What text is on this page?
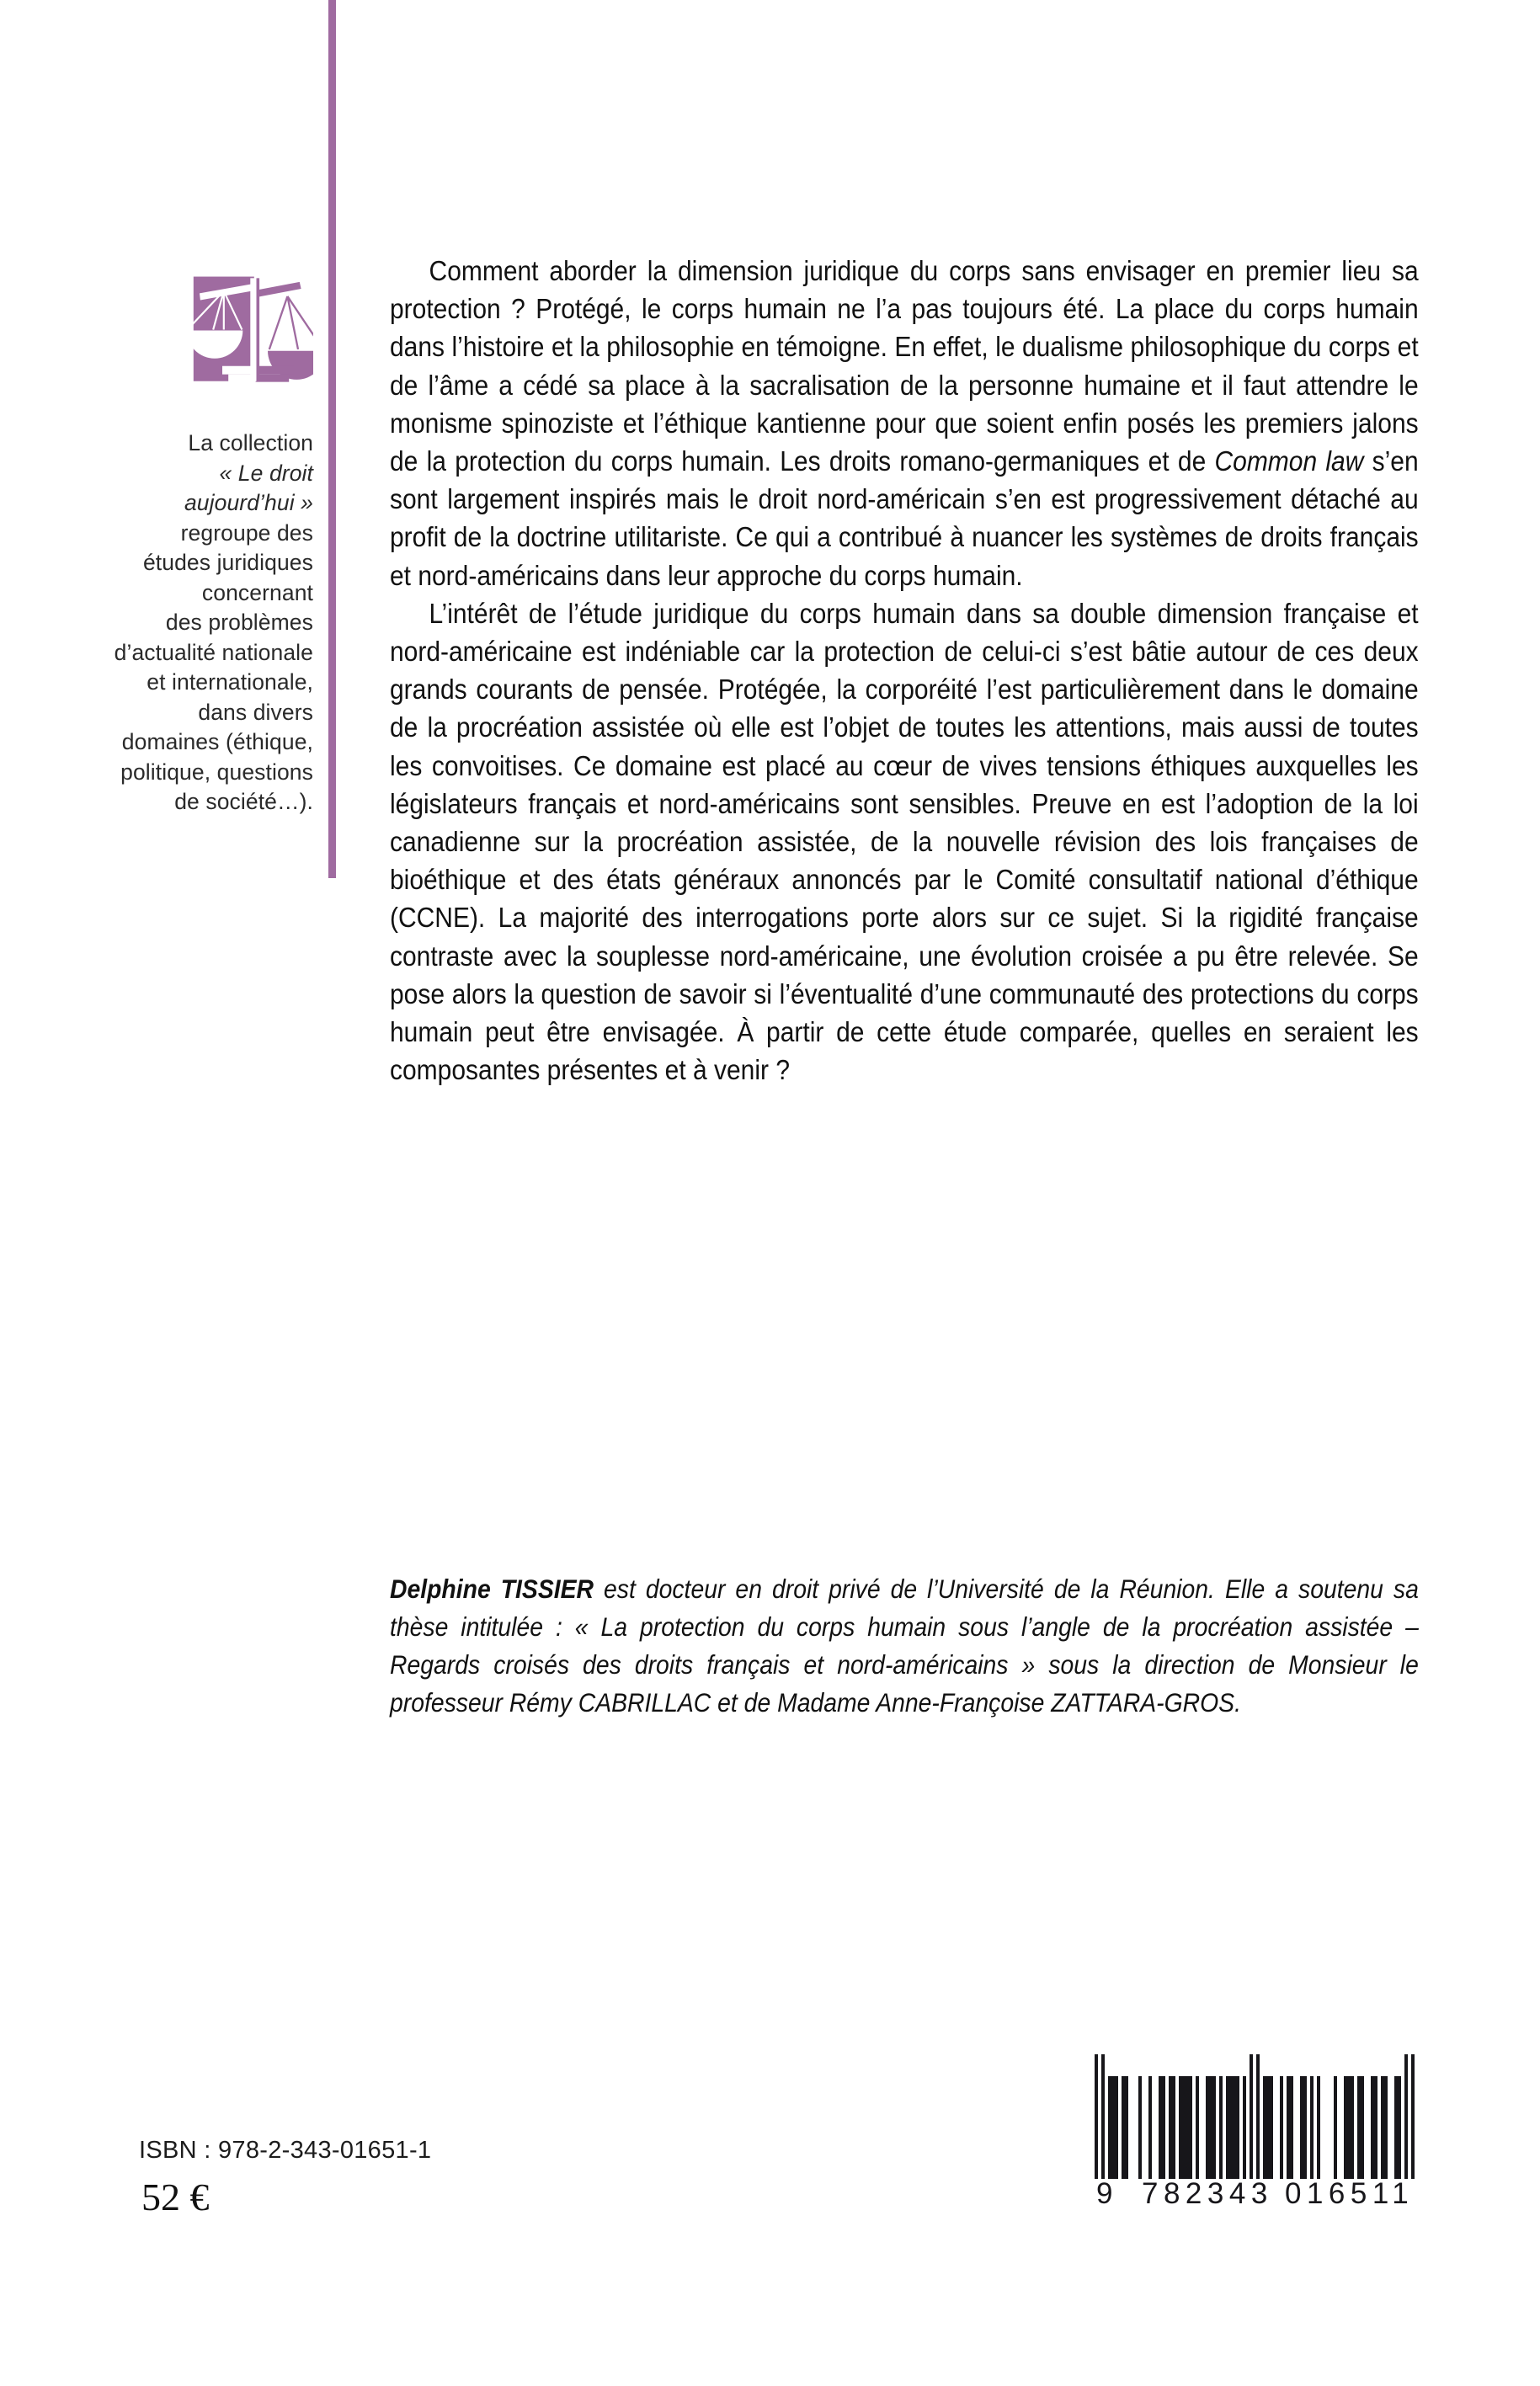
La collection
« Le droit
aujourd’hui »
regroupe des
études juridiques
concernant
des problèmes
d’actualité nationale
et internationale,
dans divers
domaines (éthique,
politique, questions
de société…).

Comment aborder la dimension juridique du corps sans envisager en premier lieu sa protection ? Protégé, le corps humain ne l’a pas toujours été. La place du corps humain dans l’histoire et la philosophie en témoigne. En effet, le dualisme philosophique du corps et de l’âme a cédé sa place à la sacralisation de la personne humaine et il faut attendre le monisme spinoziste et l’éthique kantienne pour que soient enfin posés les premiers jalons de la protection du corps humain. Les droits romano-germaniques et de Common law s’en sont largement inspirés mais le droit nord-américain s’en est progressivement détaché au profit de la doctrine utilitariste. Ce qui a contribué à nuancer les systèmes de droits français et nord-américains dans leur approche du corps humain.

L’intérêt de l’étude juridique du corps humain dans sa double dimension française et nord-américaine est indéniable car la protection de celui-ci s’est bâtie autour de ces deux grands courants de pensée. Protégée, la corporéité l’est particulièrement dans le domaine de la procréation assistée où elle est l’objet de toutes les attentions, mais aussi de toutes les convoitises. Ce domaine est placé au cœur de vives tensions éthiques auxquelles les législateurs français et nord-américains sont sensibles. Preuve en est l’adoption de la loi canadienne sur la procréation assistée, de la nouvelle révision des lois françaises de bioéthique et des états généraux annoncés par le Comité consultatif national d’éthique (CCNE). La majorité des interrogations porte alors sur ce sujet. Si la rigidité française contraste avec la souplesse nord-américaine, une évolution croisée a pu être relevée. Se pose alors la question de savoir si l’éventualité d’une communauté des protections du corps humain peut être envisagée. À partir de cette étude comparée, quelles en seraient les composantes présentes et à venir ?

Delphine TISSIER est docteur en droit privé de l’Université de la Réunion. Elle a soutenu sa thèse intitulée : « La protection du corps humain sous l’angle de la procréation assistée – Regards croisés des droits français et nord-américains » sous la direction de Monsieur le professeur Rémy CABRILLAC et de Madame Anne-Françoise ZATTARA-GROS.

ISBN : 978-2-343-01651-1
52 €	9 782343 016511
